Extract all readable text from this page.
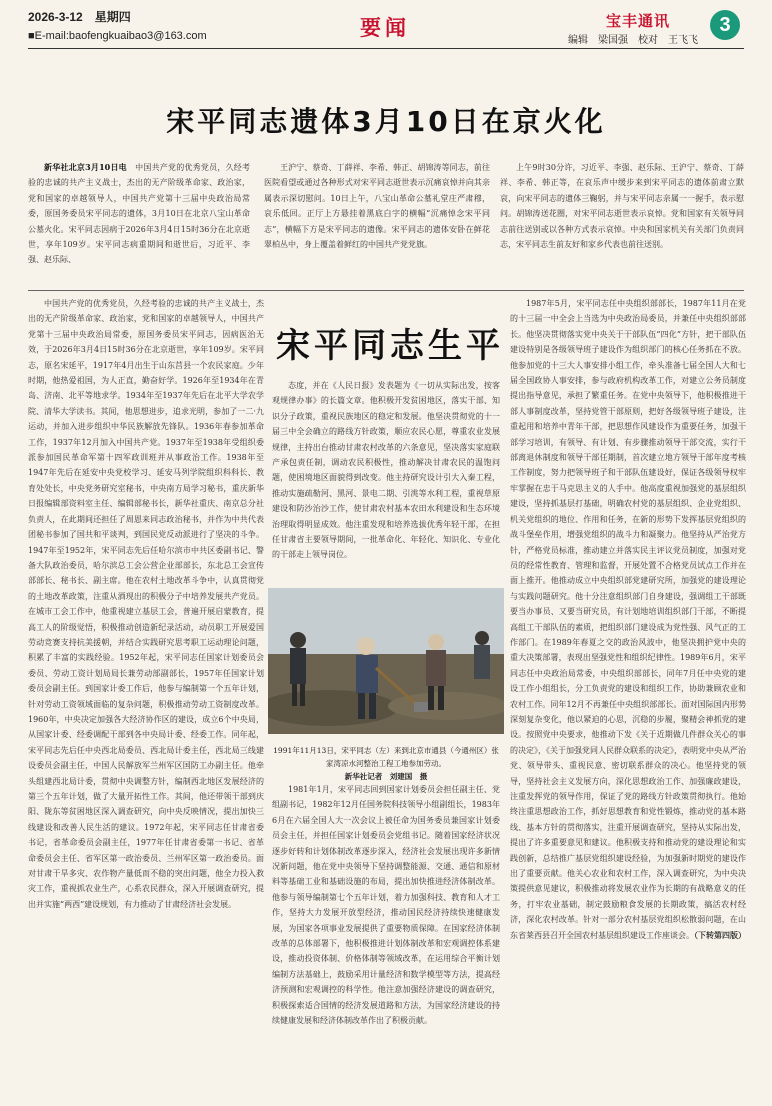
2026-3-12　星期四
■E-mail:baofengkuaibao3@163.com	要闻	宝丰通讯	3
编辑　梁国强　校对　王飞飞
宋平同志遗体3月10日在京火化

新华社北京3月10日电　 中国共产党的优秀党员，久经考验的忠诚的共产主义战士，杰出的无产阶级革命家、政治家，党和国家的卓越领导人，中国共产党第十三届中央政治局常委，原国务委员宋平同志的遗体，3月10日在北京八宝山革命公墓火化。宋平同志因病于2026年3月4日15时36分在北京逝世，享年109岁。宋平同志病重期间和逝世后，习近平、李强、赵乐际、

王沪宁、蔡奇、丁薛祥、李希、韩正、胡锦涛等同志，前往医院看望或通过各种形式对宋平同志逝世表示沉痛哀悼并向其亲属表示深切慰问。10日上午，八宝山革命公墓礼堂庄严肃穆，哀乐低回。正厅上方悬挂着黑底白字的横幅“沉痛悼念宋平同志”，横幅下方是宋平同志的遗像。宋平同志的遗体安卧在鲜花翠柏丛中，身上覆盖着鲜红的中国共产党党旗。

上午9时30分许，习近平、李强、赵乐际、王沪宁、蔡奇、丁薛祥、李希、韩正等，在哀乐声中缓步来到宋平同志的遗体前肃立默哀，向宋平同志的遗体三鞠躬，并与宋平同志亲属一一握手，表示慰问。胡锦涛送花圈，对宋平同志逝世表示哀悼。党和国家有关领导同志前往送别或以各种方式表示哀悼。中央和国家机关有关部门负责同志，宋平同志生前友好和家乡代表也前往送别。

中国共产党的优秀党员，久经考验的忠诚的共产主义战士，杰出的无产阶级革命家、政治家，党和国家的卓越领导人，中国共产党第十三届中央政治局常委，原国务委员宋平同志，因病医治无效，于2026年3月4日15时36分在北京逝世，享年109岁。宋平同志，原名宋延平，1917年4月出生于山东莒县一个农民家庭。少年时期，他热爱祖国，为人正直，勤奋好学。1926年至1934年在青岛、济南、北平等地求学。1934年至1937年先后在北平大学农学院、清华大学读书。其间，他思想进步，追求光明，参加了一二·九运动，并加入进步组织中华民族解放先锋队。1936年春参加革命工作，1937年12月加入中国共产党。1937年至1938年受组织委派参加国民革命军第十四军政训班并从事政治工作。1938年至1947年先后在延安中央党校学习、延安马列学院组织科科长、教育处处长，中央党务研究室秘书，中央南方局学习秘书，重庆新华日报编辑部资料室主任、编辑部秘书长，新华社重庆、南京总分社负责人，在此期间还担任了周恩来同志政治秘书，并作为中共代表团秘书参加了国共和平谈判，到国民党反动派进行了坚决的斗争。1947年至1952年，宋平同志先后任哈尔滨市中共区委副书记、警备大队政治委员，哈尔滨总工会公营企业部部长，东北总工会宣传部部长、秘书长、副主席。他在农村土地改革斗争中，认真贯彻党的土地改革政策，注重从酒现出的积极分子中培养发展共产党员。在城市工会工作中，他重视建立基层工会，普遍开展启蒙教育，提高工人的阶级觉悟，积极推动创造新纪录活动，动员职工开展爱国劳动竞赛支持抗美援朝，并结合实践研究思考职工运动理论问题，积累了丰富的实践经验。1952年起，宋平同志任国家计划委员会委员、劳动工资计划局局长兼劳动部副部长，1957年任国家计划委员会副主任。到国家计委工作后，他参与编制第一个五年计划，针对劳动工资领域面临的复杂问题，积极推动劳动工资制度改革。1960年，中央决定加强各大经济协作区的建设，成立6个中央局，从国家计委、经委调配干部到各中央局计委、经委工作。同年起，宋平同志先后任中央西北局委员、西北局计委主任，西北局三线建设委员会副主任，中国人民解放军兰州军区国防工办副主任。他牵头组建西北局计委，贯彻中央调整方针，编制西北地区发展经济的第三个五年计划，做了大量开拓性工作。其间，他还带领干部到庆阳、陇东等贫困地区深入调查研究，向中央反映情况，提出加快三线建设和改善人民生活的建议。1972年起，宋平同志任甘肃省委书记，省革命委员会副主任，1977年任甘肃省委第一书记、省革命委员会主任、省军区第一政治委员、兰州军区第一政治委员。面对甘肃干旱多灾、农作物产量低而不稳的突出问题，他全力投入救灾工作，重视抓农业生产，心系农民群众，深入开展调查研究，提出并实施“两西”建设规划，有力推动了甘肃经济社会发展。

宋平同志生平

态度，并在《人民日报》发表题为《一切从实际出发，按客观规律办事》的长篇文章。他积极开发贫困地区，落实干部、知识分子政策，重视民族地区的稳定和发展。他坚决贯彻党的十一届三中全会确立的路线方针政策，顺应农民心愿，尊重农业发展规律，主持出台推动甘肃农村改革的六条意见，坚决落实家庭联产承包责任制，调动农民积极性，推动解决甘肃农民的温饱问题，使困境地区面貌得到改变。他主持研究设计引大入秦工程，推动实施疏勒河、黑河、景电二期、引洮等水利工程，重视草原建设和防沙治沙工作，使甘肃农村基本农田水利建设和生态环境治理取得明显成效。他注重发现和培养选拔优秀年轻干部，在担任甘肃省主要领导期间，一批革命化、年轻化、知识化、专业化的干部走上领导岗位。

1991年11月13日，宋平同志（左）来到北京市通县（今通州区）张家湾凉水河整治工程工地参加劳动。
新华社记者　刘建国　摄

1981年1月，宋平同志回到国家计划委员会担任副主任、党组副书记，1982年12月任国务院科技领导小组副组长，1983年6月在六届全国人大一次会议上被任命为国务委员兼国家计划委员会主任，并担任国家计划委员会党组书记。随着国家经济状况逐步好转和计划体制改革逐步深入，经济社会发展出现许多新情况新问题，他在党中央领导下坚持调整能源、交通、通信和原材料等基础工业和基础设施的布局，提出加快推进经济体制改革。他参与领导编制第七个五年计划，着力加强科技、教育和人才工作，坚持大力发展开放型经济，推动国民经济持续快速健康发展，为国家各项事业发展提供了重要物质保障。在国家经济体制改革的总体部署下，他积极推进计划体制改革和宏观调控体系建设，推动投资体制、价格体制等领域改革，在运用综合平衡计划编制方法基础上，鼓励采用计量经济和数学模型等方法，提高经济预测和宏观调控的科学性。他注意加强经济建设的调查研究，积极探索适合国情的经济发展道路和方法，为国家经济建设的持续健康发展和经济体制改革作出了积极贡献。

1987年5月，宋平同志任中央组织部部长，1987年11月在党的十三届一中全会上当选为中央政治局委员，并兼任中央组织部部长。他坚决贯彻落实党中央关于干部队伍“四化”方针，把干部队伍建设特别是各级领导班子建设作为组织部门的核心任务抓在不放。他参加党的十三大人事安排小组工作，牵头准备七届全国人大和七届全国政协人事安排，参与政府机构改革工作，对建立公务员制度提出指导意见，承担了繁重任务。在党中央领导下，他积极推进干部人事制度改革，坚持党管干部原则，把好各级领导班子建设，注重起用和培养中青年干部，把思想作风建设作为重要任务，加强干部学习培训，有领导、有计划、有步骤推动领导干部交流，实行干部离退休制度和领导干部任期制，首次建立地方领导干部年度考核工作制度，努力把领导班子和干部队伍建设好，保证各级领导权牢牢掌握在忠于马克思主义的人手中。他高度重视加强党的基层组织建设，坚持抓基层打基础，明确农村党的基层组织、企业党组织、机关党组织的地位、作用和任务，在新的形势下发挥基层党组织的战斗堡垒作用，增强党组织的战斗力和凝聚力。他坚持从严治党方针，严格党员标准，推动建立并落实民主评议党员制度，加强对党员的经常性教育、管理和监督，开展处置不合格党员试点工作并在面上推开。他推动成立中央组织部党建研究所，加强党的建设理论与实践问题研究。他十分注意组织部门自身建设，强调组工干部既要当办事员、又要当研究员，有计划地培训组织部门干部，不断提高组工干部队伍的素质，把组织部门建设成为党性强、风气正的工作部门。在1989年春夏之交的政治风波中，他坚决拥护党中央的重大决策部署，表现出坚强党性和组织纪律性。1989年6月，宋平同志任中央政治局常委，中央组织部部长，同年7月任中央党的建设工作小组组长，分工负责党的建设和组织工作，协助兼顾农业和农村工作。同年12月不再兼任中央组织部部长。面对国际国内形势深刻复杂变化，他以紧迫的心思，沉稳的步履，聚精会神抓党的建设。按照党中央要求，他推动下发《关于近期做几件群众关心的事的决定》，《关于加强党同人民群众联系的决定》，表明党中央从严治党、领导带头、重视民意、密切联系群众的决心。他坚持党的领导，坚持社会主义发展方向，深化思想政治工作、加强廉政建设，注重发挥党的领导作用，保证了党的路线方针政策贯彻执行。他始终注重思想政治工作，抓好思想教育和党性锻炼，推动党的基本路线、基本方针的贯彻落实，注重开展调查研究，坚持从实际出发，提出了许多重要意见和建议。他积极支持和推动党的建设理论和实践创新，总结推广基层党组织建设经验，为加强新时期党的建设作出了重要贡献。他关心农业和农村工作，深入调查研究，为中央决策提供意见建议，积极推动将发展农业作为长期的有战略意义的任务，打牢农业基础，制定鼓励粮食发展的长期政策，搞活农村经济，深化农村改革。针对一部分农村基层党组织松散弱问题，在山东省莱西县召开全国农村基层组织建设工作座谈会。（下转第四版）
